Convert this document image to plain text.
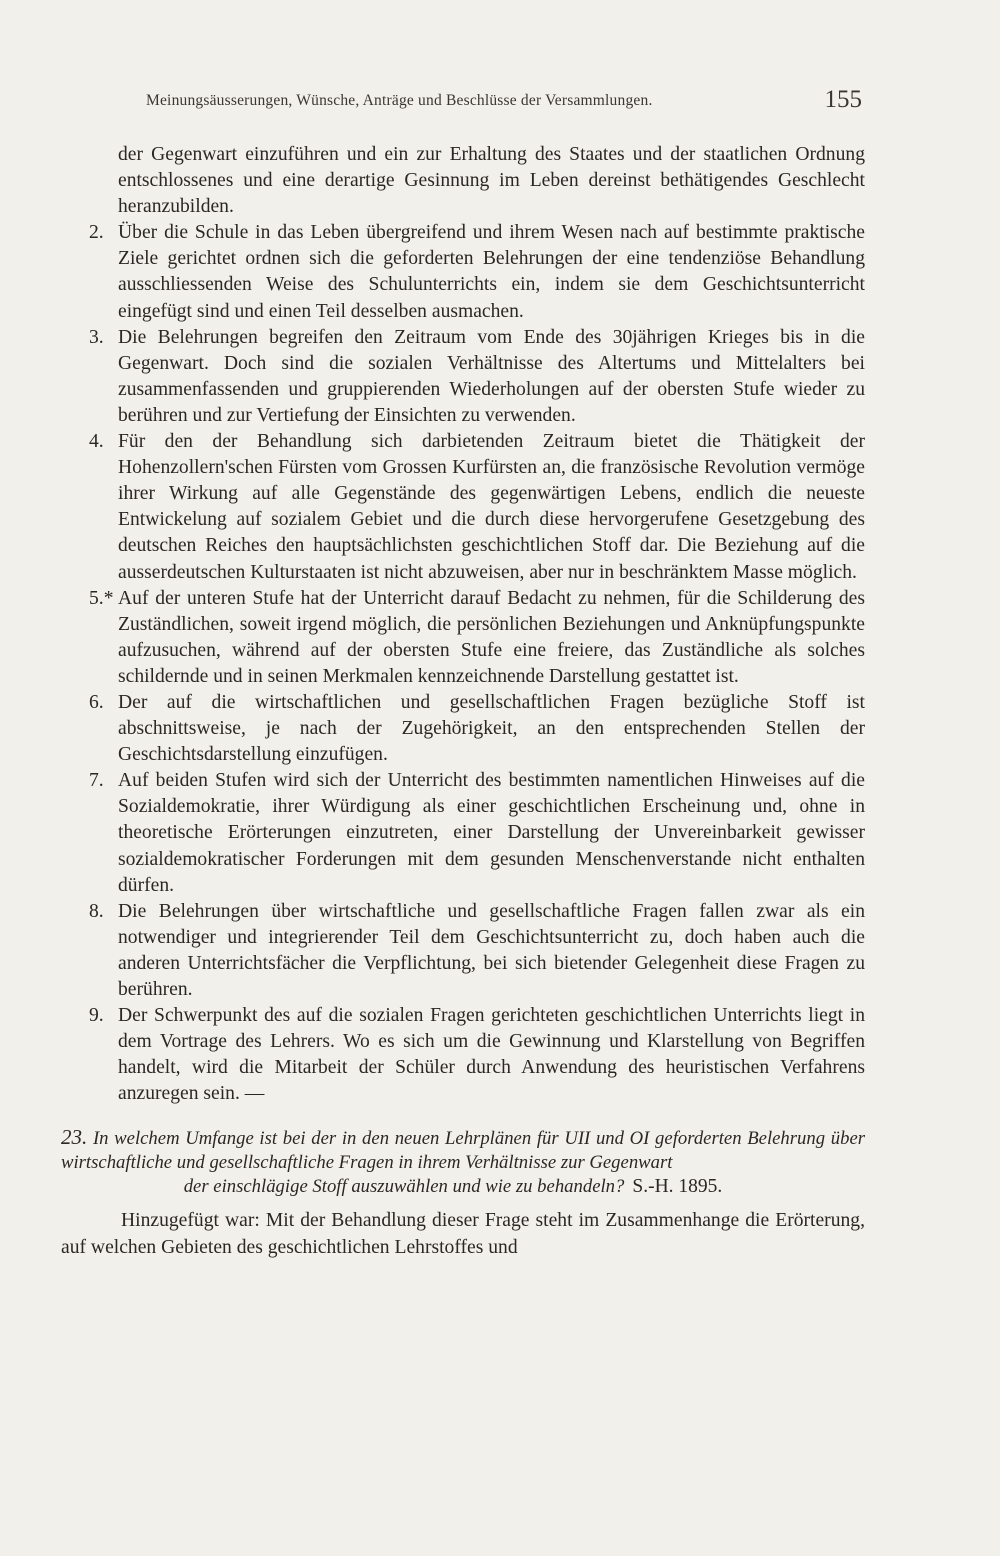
Meinungsäusserungen, Wünsche, Anträge und Beschlüsse der Versammlungen.	155
der Gegenwart einzuführen und ein zur Erhaltung des Staates und der staatlichen Ordnung entschlossenes und eine derartige Gesinnung im Leben dereinst bethätigendes Geschlecht heranzubilden.
2. Über die Schule in das Leben übergreifend und ihrem Wesen nach auf bestimmte praktische Ziele gerichtet ordnen sich die geforderten Belehrungen der eine tendenziöse Behandlung ausschliessenden Weise des Schulunterrichts ein, indem sie dem Geschichtsunterricht eingefügt sind und einen Teil desselben ausmachen.
3. Die Belehrungen begreifen den Zeitraum vom Ende des 30jährigen Krieges bis in die Gegenwart. Doch sind die sozialen Verhältnisse des Altertums und Mittelalters bei zusammenfassenden und gruppierenden Wiederholungen auf der obersten Stufe wieder zu berühren und zur Vertiefung der Einsichten zu verwenden.
4. Für den der Behandlung sich darbietenden Zeitraum bietet die Thätigkeit der Hohenzollern'schen Fürsten vom Grossen Kurfürsten an, die französische Revolution vermöge ihrer Wirkung auf alle Gegenstände des gegenwärtigen Lebens, endlich die neueste Entwickelung auf sozialem Gebiet und die durch diese hervorgerufene Gesetzgebung des deutschen Reiches den hauptsächlichsten geschichtlichen Stoff dar. Die Beziehung auf die ausserdeutschen Kulturstaaten ist nicht abzuweisen, aber nur in beschränktem Masse möglich.
5.* Auf der unteren Stufe hat der Unterricht darauf Bedacht zu nehmen, für die Schilderung des Zuständlichen, soweit irgend möglich, die persönlichen Beziehungen und Anknüpfungspunkte aufzusuchen, während auf der obersten Stufe eine freiere, das Zuständliche als solches schildernde und in seinen Merkmalen kennzeichnende Darstellung gestattet ist.
6. Der auf die wirtschaftlichen und gesellschaftlichen Fragen bezügliche Stoff ist abschnittsweise, je nach der Zugehörigkeit, an den entsprechenden Stellen der Geschichtsdarstellung einzufügen.
7. Auf beiden Stufen wird sich der Unterricht des bestimmten namentlichen Hinweises auf die Sozialdemokratie, ihrer Würdigung als einer geschichtlichen Erscheinung und, ohne in theoretische Erörterungen einzutreten, einer Darstellung der Unvereinbarkeit gewisser sozialdemokratischer Forderungen mit dem gesunden Menschenverstande nicht enthalten dürfen.
8. Die Belehrungen über wirtschaftliche und gesellschaftliche Fragen fallen zwar als ein notwendiger und integrierender Teil dem Geschichtsunterricht zu, doch haben auch die anderen Unterrichtsfächer die Verpflichtung, bei sich bietender Gelegenheit diese Fragen zu berühren.
9. Der Schwerpunkt des auf die sozialen Fragen gerichteten geschichtlichen Unterrichts liegt in dem Vortrage des Lehrers. Wo es sich um die Gewinnung und Klarstellung von Begriffen handelt, wird die Mitarbeit der Schüler durch Anwendung des heuristischen Verfahrens anzuregen sein. —
23. In welchem Umfange ist bei der in den neuen Lehrplänen für UII und OI geforderten Belehrung über wirtschaftliche und gesellschaftliche Fragen in ihrem Verhältnisse zur Gegenwart
der einschlägige Stoff auszuwählen und wie zu behandeln? S.-H. 1895.
Hinzugefügt war: Mit der Behandlung dieser Frage steht im Zusammenhange die Erörterung, auf welchen Gebieten des geschichtlichen Lehrstoffes und
